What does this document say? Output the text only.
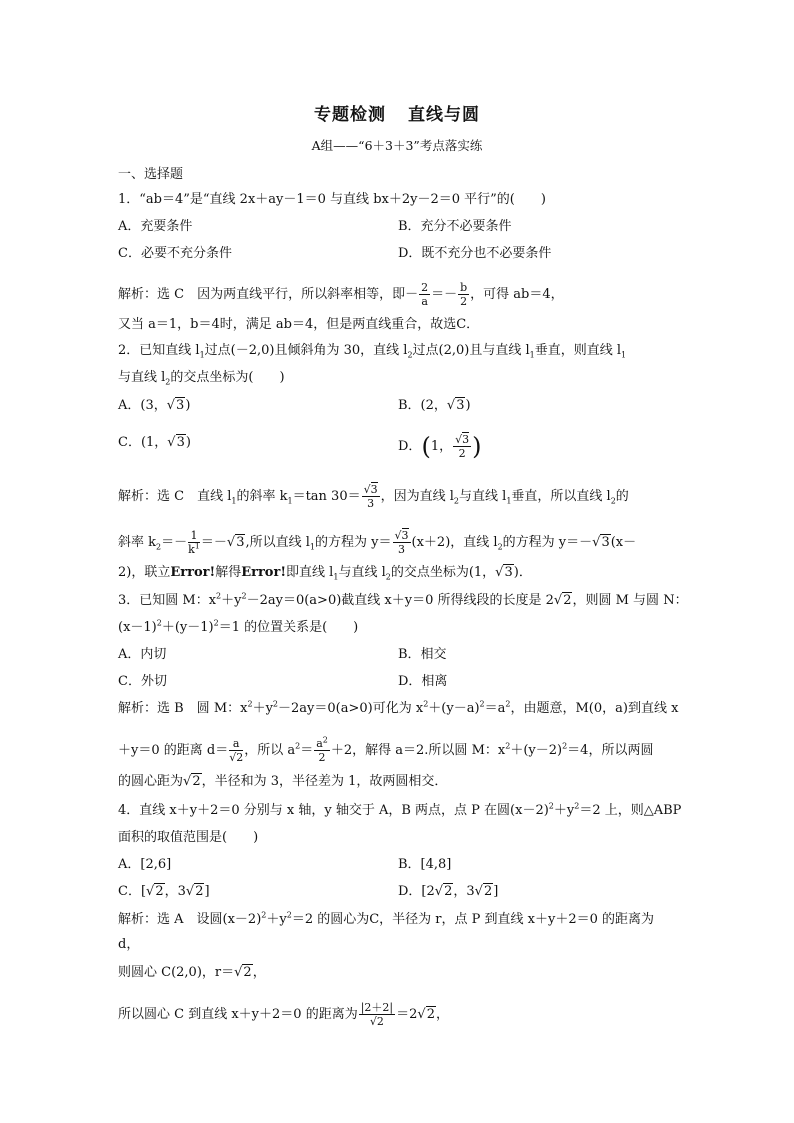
专题检测 直线与圆
A组——“6＋3＋3”考点落实练
一、选择题
1．“ab＝4”是“直线 2x＋ay－1＝0 与直线 bx＋2y－2＝0 平行”的(　　)
A．充要条件	B．充分不必要条件
C．必要不充分条件	D．既不充分也不必要条件
解析：选 C　因为两直线平行，所以斜率相等，即－ $\frac{2}{a} =- \frac{b}{2}$ ，可得 ab＝4，
又当 a＝1，b＝4时，满足 ab＝4，但是两直线重合，故选C．
2．已知直线 $l_1$过点(－2,0)且倾斜角为 30，直线 $l_2$过点(2,0)且与直线 $l_1$垂直，则直线 $l_1$
与直线 $l_2$的交点坐标为(　　)
A．(3，√3)	B．(2，√3)
C．(1，√3)	D．(1， $\frac{√3}{2}$ )
解析：选 C　直线 $l_1$的斜率 $k_1=\tan$ $30= \frac{√3}{3}$ ，因为直线 $l_2$与直线 $l_1$垂直，所以直线 $l_2$的
斜率 $k_2=- \frac{1}{k^1} =-√3$,所以直线 $l_1$的方程为 $y= \frac{√3}{3} (x+2)$，直线 $l_2$的方程为 y＝－√3(x－
2)，联立Error!解得Error!即直线 $l_1$与直线 $l_2$的交点坐标为(1，√3)．
3．已知圆 M：$x^2+y^2-2ay=0(a>0)$截直线 x＋y＝0 所得线段的长度是 2√2，则圆 M 与圆 N：
$(x-1)^2+(y-1)^2=1$ 的位置关系是(　　)
A．内切	B．相交
C．外切	D．相离
解析：选 B　圆 M：$x^2+y^2-2ay=0(a>0)$可化为 $x^2+(y-a)^2=a^2$，由题意，M(0，a)到直线 x
＋y＝0 的距离 $d= \frac{a}{√2}$ ，所以 $a^2= \frac{a^2}{2} +2$，解得 a＝2.所以圆 M：$x^2+(y-2)^2=4$，所以两圆
的圆心距为√2，半径和为 3，半径差为 1，故两圆相交．
4．直线 x＋y＋2＝0 分别与 x 轴，y 轴交于 A，B 两点，点 P 在圆$(x-2)^2+y^2=2$ 上，则△ABP
面积的取值范围是(　　)
A．[2,6]	B．[4,8]
C．[√2，3√2]	D．[2√2，3√2]
解析：选 A　设圆$(x-2)^2+y^2=2$ 的圆心为C，半径为 r，点 P 到直线 x＋y＋2＝0 的距离为
d，
则圆心 C(2,0)，r＝√2，
所以圆心 C 到直线 x＋y＋2＝0 的距离为 $\frac{|2+2|}{√2} =2√2$，
